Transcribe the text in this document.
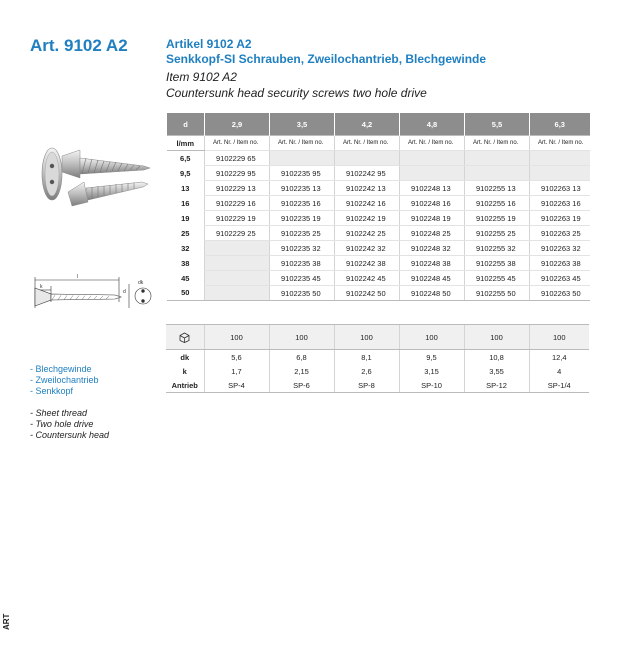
Art. 9102 A2	Artikel 9102 A2
Senkkopf-SI Schrauben, Zweilochantrieb, Blechgewinde
Item 9102 A2
Countersunk head security screws two hole drive
l
k
d
dk
- Blechgewinde
- Zweilochantrieb
- Senkkopf
- Sheet thread
- Two hole drive
- Countersunk head
ART
d	2,9	3,5	4,2	4,8	5,5	6,3
l/mm	Art. Nr. / Item no.	Art. Nr. / Item no.	Art. Nr. / Item no.	Art. Nr. / Item no.	Art. Nr. / Item no.	Art. Nr. / Item no.
6,5	9102229 65					
9,5	9102229 95	9102235 95	9102242 95			
13	9102229 13	9102235 13	9102242 13	9102248 13	9102255 13	9102263 13
16	9102229 16	9102235 16	9102242 16	9102248 16	9102255 16	9102263 16
19	9102229 19	9102235 19	9102242 19	9102248 19	9102255 19	9102263 19
25	9102229 25	9102235 25	9102242 25	9102248 25	9102255 25	9102263 25
32		9102235 32	9102242 32	9102248 32	9102255 32	9102263 32
38		9102235 38	9102242 38	9102248 38	9102255 38	9102263 38
45		9102235 45	9102242 45	9102248 45	9102255 45	9102263 45
50		9102235 50	9102242 50	9102248 50	9102255 50	9102263 50
	100	100	100	100	100	100
dk	5,6	6,8	8,1	9,5	10,8	12,4
k	1,7	2,15	2,6	3,15	3,55	4
Antrieb	SP-4	SP-6	SP-8	SP-10	SP-12	SP-1/4
